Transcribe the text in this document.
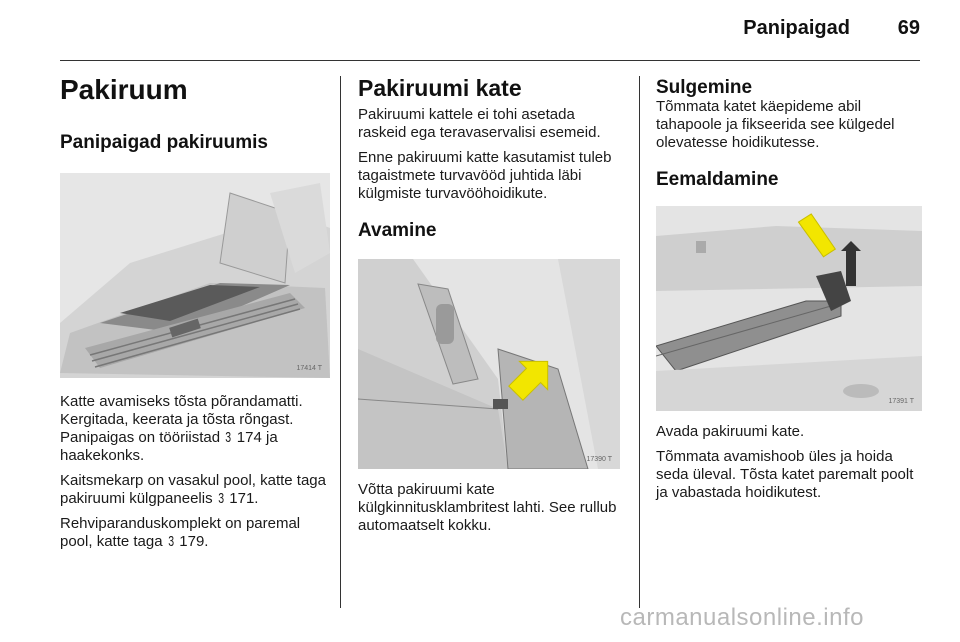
Panipaigad	69
Pakiruum
Panipaigad pakiruumis
17414 T

Katte avamiseks tõsta põrandamatti. Kergitada, keerata ja tõsta rõngast. Panipaigas on tööriistad 3 174 ja haakekonks.

Kaitsmekarp on vasakul pool, katte taga pakiruumi külgpaneelis 3 171.

Rehviparanduskomplekt on paremal pool, katte taga 3 179.

Pakiruumi kate

Pakiruumi kattele ei tohi asetada raskeid ega teravaservalisi esemeid.

Enne pakiruumi katte kasutamist tuleb tagaistmete turvavööd juhtida läbi külgmiste turvavööhoidikute.

Avamine
17390 T

Võtta pakiruumi kate külgkinnitusklambritest lahti. See rullub automaatselt kokku.

Sulgemine

Tõmmata katet käepideme abil tahapoole ja fikseerida see külgedel olevatesse hoidikutesse.

Eemaldamine
17391 T

Avada pakiruumi kate.

Tõmmata avamishoob üles ja hoida seda üleval. Tõsta katet paremalt poolt ja vabastada hoidikutest.

carmanualsonline.info
